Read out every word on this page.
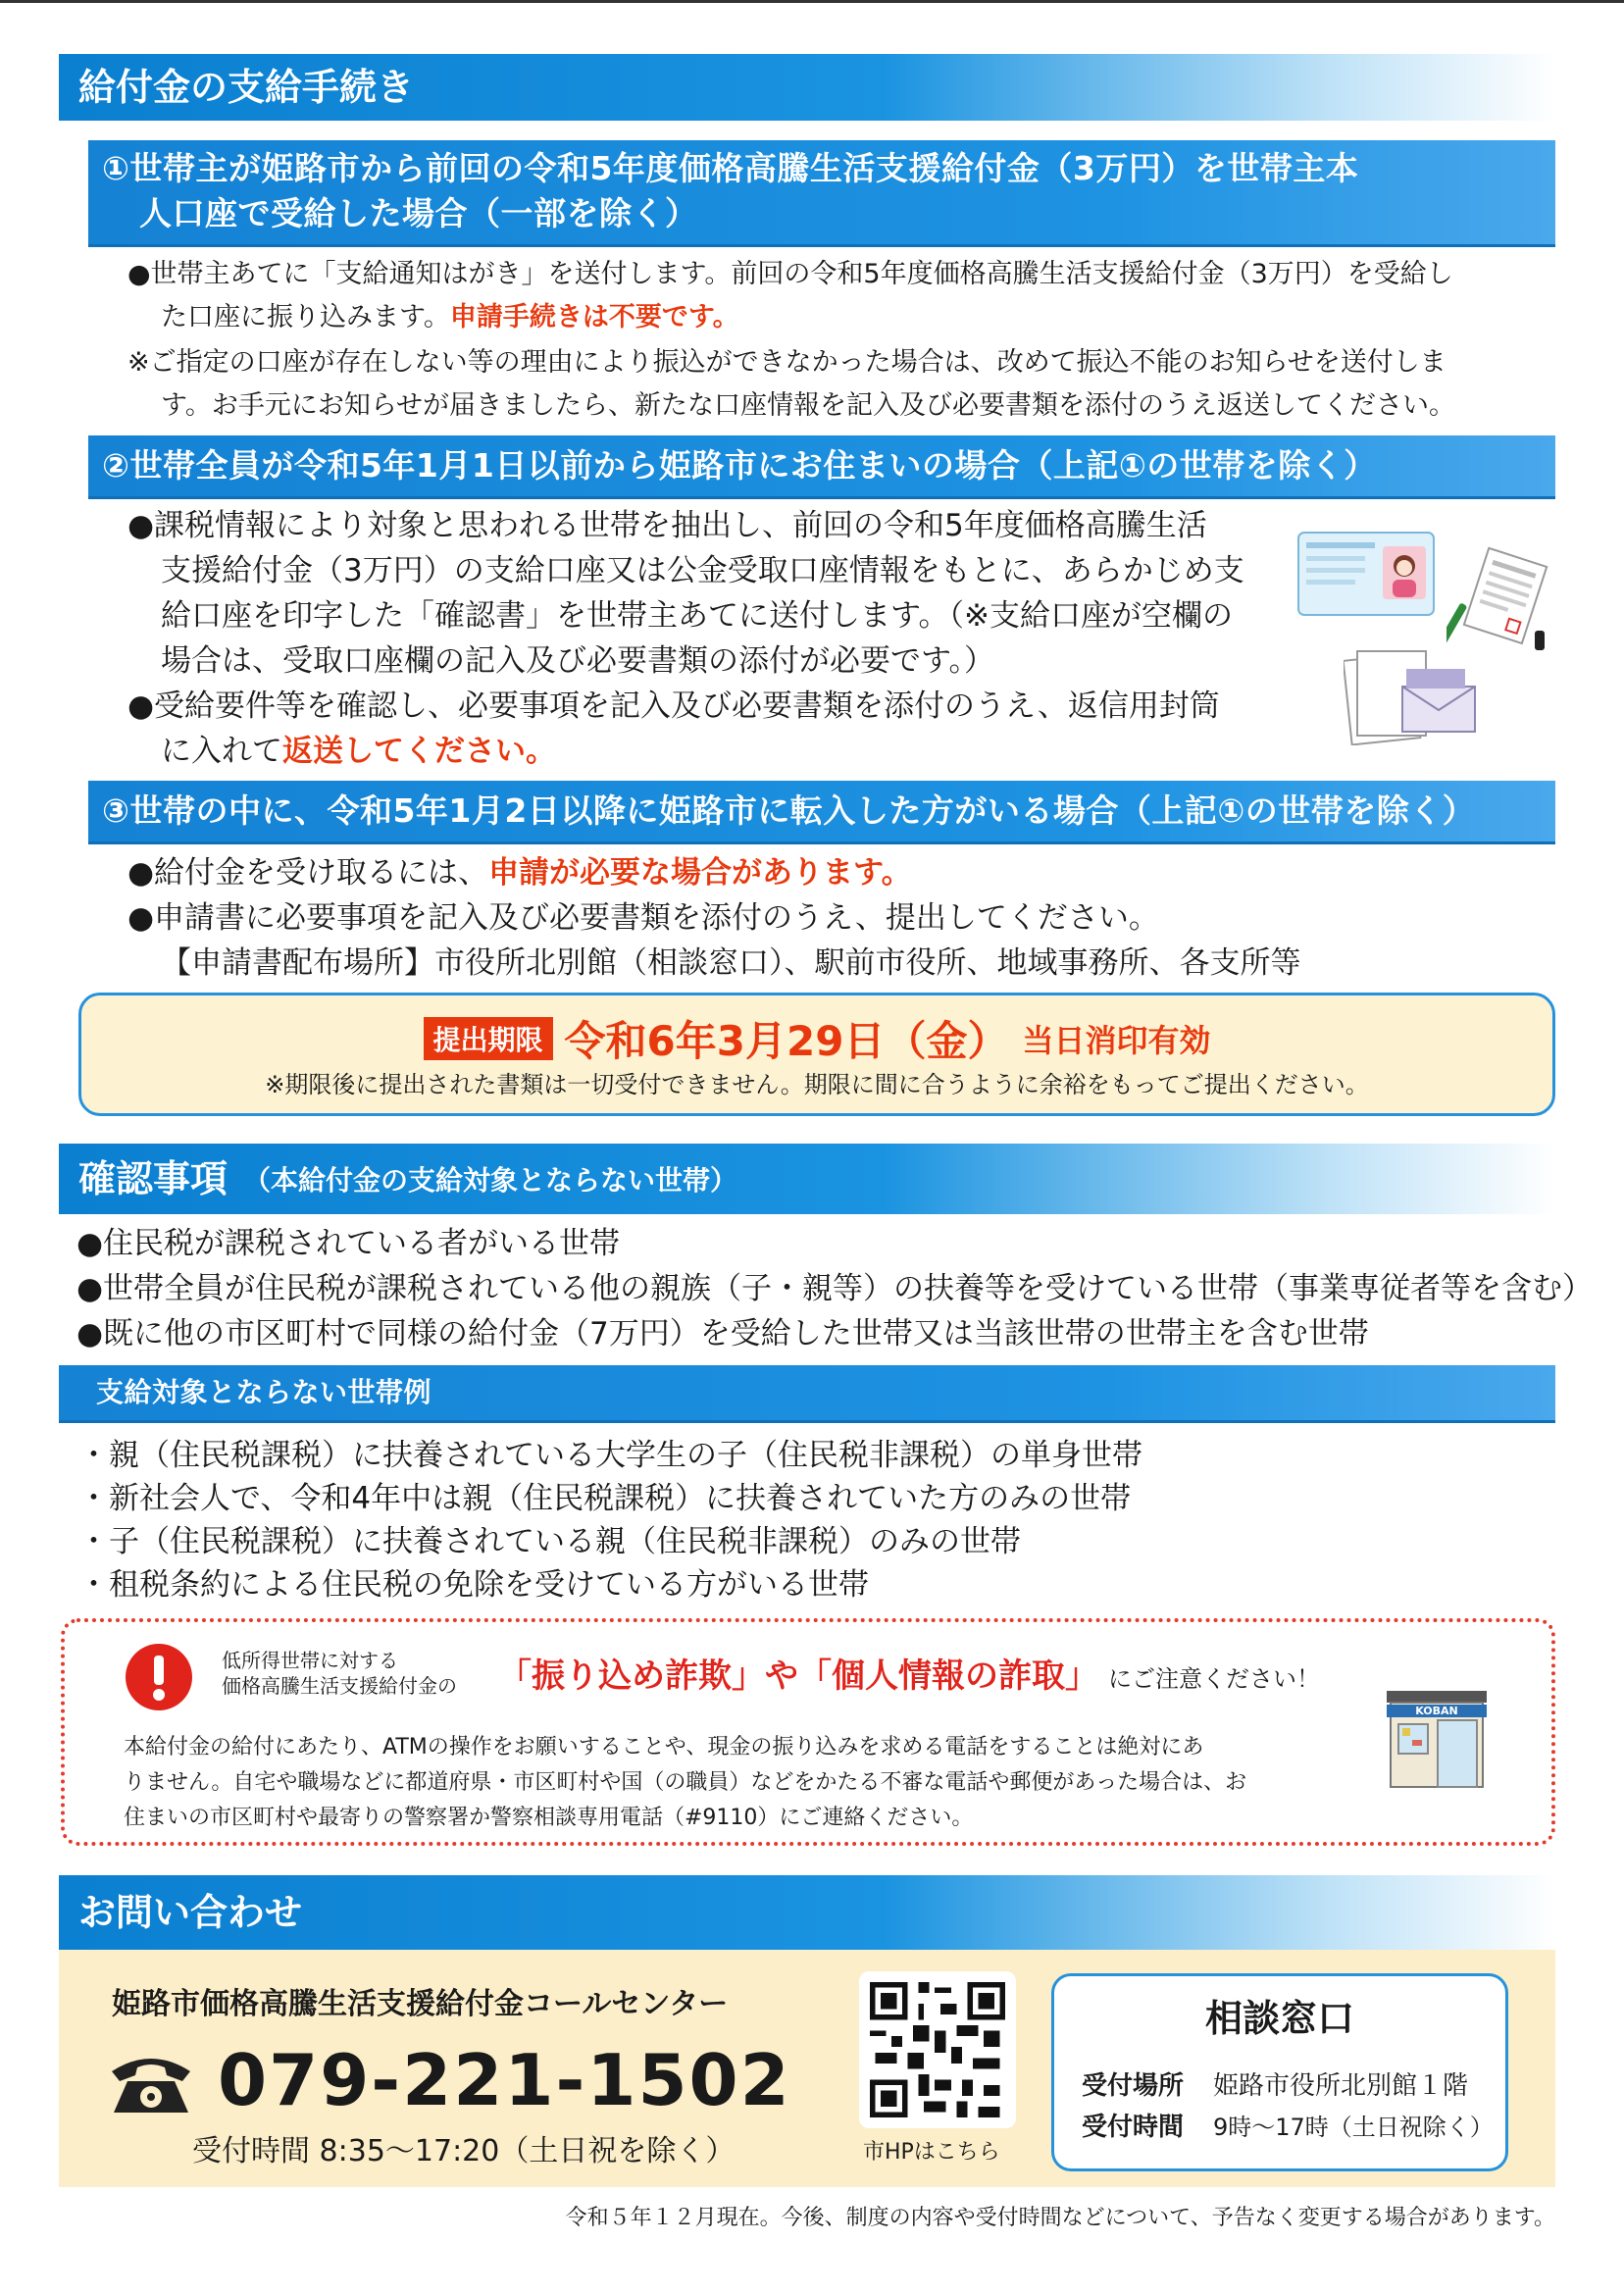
給付金の支給手続き
①世帯主が姫路市から前回の令和5年度価格高騰生活支援給付金（3万円）を世帯主本
人口座で受給した場合（一部を除く）
●世帯主あてに「支給通知はがき」を送付します。前回の令和5年度価格高騰生活支援給付金（3万円）を受給し
た口座に振り込みます。申請手続きは不要です。
※ご指定の口座が存在しない等の理由により振込ができなかった場合は、改めて振込不能のお知らせを送付しま
す。お手元にお知らせが届きましたら、新たな口座情報を記入及び必要書類を添付のうえ返送してください。
②世帯全員が令和5年1月1日以前から姫路市にお住まいの場合（上記①の世帯を除く）
●課税情報により対象と思われる世帯を抽出し、前回の令和5年度価格高騰生活
支援給付金（3万円）の支給口座又は公金受取口座情報をもとに、あらかじめ支
給口座を印字した「確認書」を世帯主あてに送付します。（※支給口座が空欄の
場合は、受取口座欄の記入及び必要書類の添付が必要です。）
●受給要件等を確認し、必要事項を記入及び必要書類を添付のうえ、返信用封筒
に入れて返送してください。
③世帯の中に、令和5年1月2日以降に姫路市に転入した方がいる場合（上記①の世帯を除く）
●給付金を受け取るには、申請が必要な場合があります。
●申請書に必要事項を記入及び必要書類を添付のうえ、提出してください。
【申請書配布場所】市役所北別館（相談窓口）、駅前市役所、地域事務所、各支所等
提出期限 令和6年3月29日（金） 当日消印有効
※期限後に提出された書類は一切受付できません。期限に間に合うように余裕をもってご提出ください。
確認事項 （本給付金の支給対象とならない世帯）
●住民税が課税されている者がいる世帯
●世帯全員が住民税が課税されている他の親族（子・親等）の扶養等を受けている世帯（事業専従者等を含む）
●既に他の市区町村で同様の給付金（7万円）を受給した世帯又は当該世帯の世帯主を含む世帯
支給対象とならない世帯例
・親（住民税課税）に扶養されている大学生の子（住民税非課税）の単身世帯
・新社会人で、令和4年中は親（住民税課税）に扶養されていた方のみの世帯
・子（住民税課税）に扶養されている親（住民税非課税）のみの世帯
・租税条約による住民税の免除を受けている方がいる世帯
低所得世帯に対する
価格高騰生活支援給付金の 「振り込め詐欺」や「個人情報の詐取」 にご注意ください！
本給付金の給付にあたり、ATMの操作をお願いすることや、現金の振り込みを求める電話をすることは絶対にあ
りません。自宅や職場などに都道府県・市区町村や国（の職員）などをかたる不審な電話や郵便があった場合は、お
住まいの市区町村や最寄りの警察署か警察相談専用電話（#9110）にご連絡ください。
KOBAN
お問い合わせ
姫路市価格高騰生活支援給付金コールセンター
079-221-1502
受付時間 8:35～17:20（土日祝を除く）	市HPはこちら
相談窓口
受付場所 姫路市役所北別館１階
受付時間 9時～17時（土日祝除く）
令和５年１２月現在。今後、制度の内容や受付時間などについて、予告なく変更する場合があります。
